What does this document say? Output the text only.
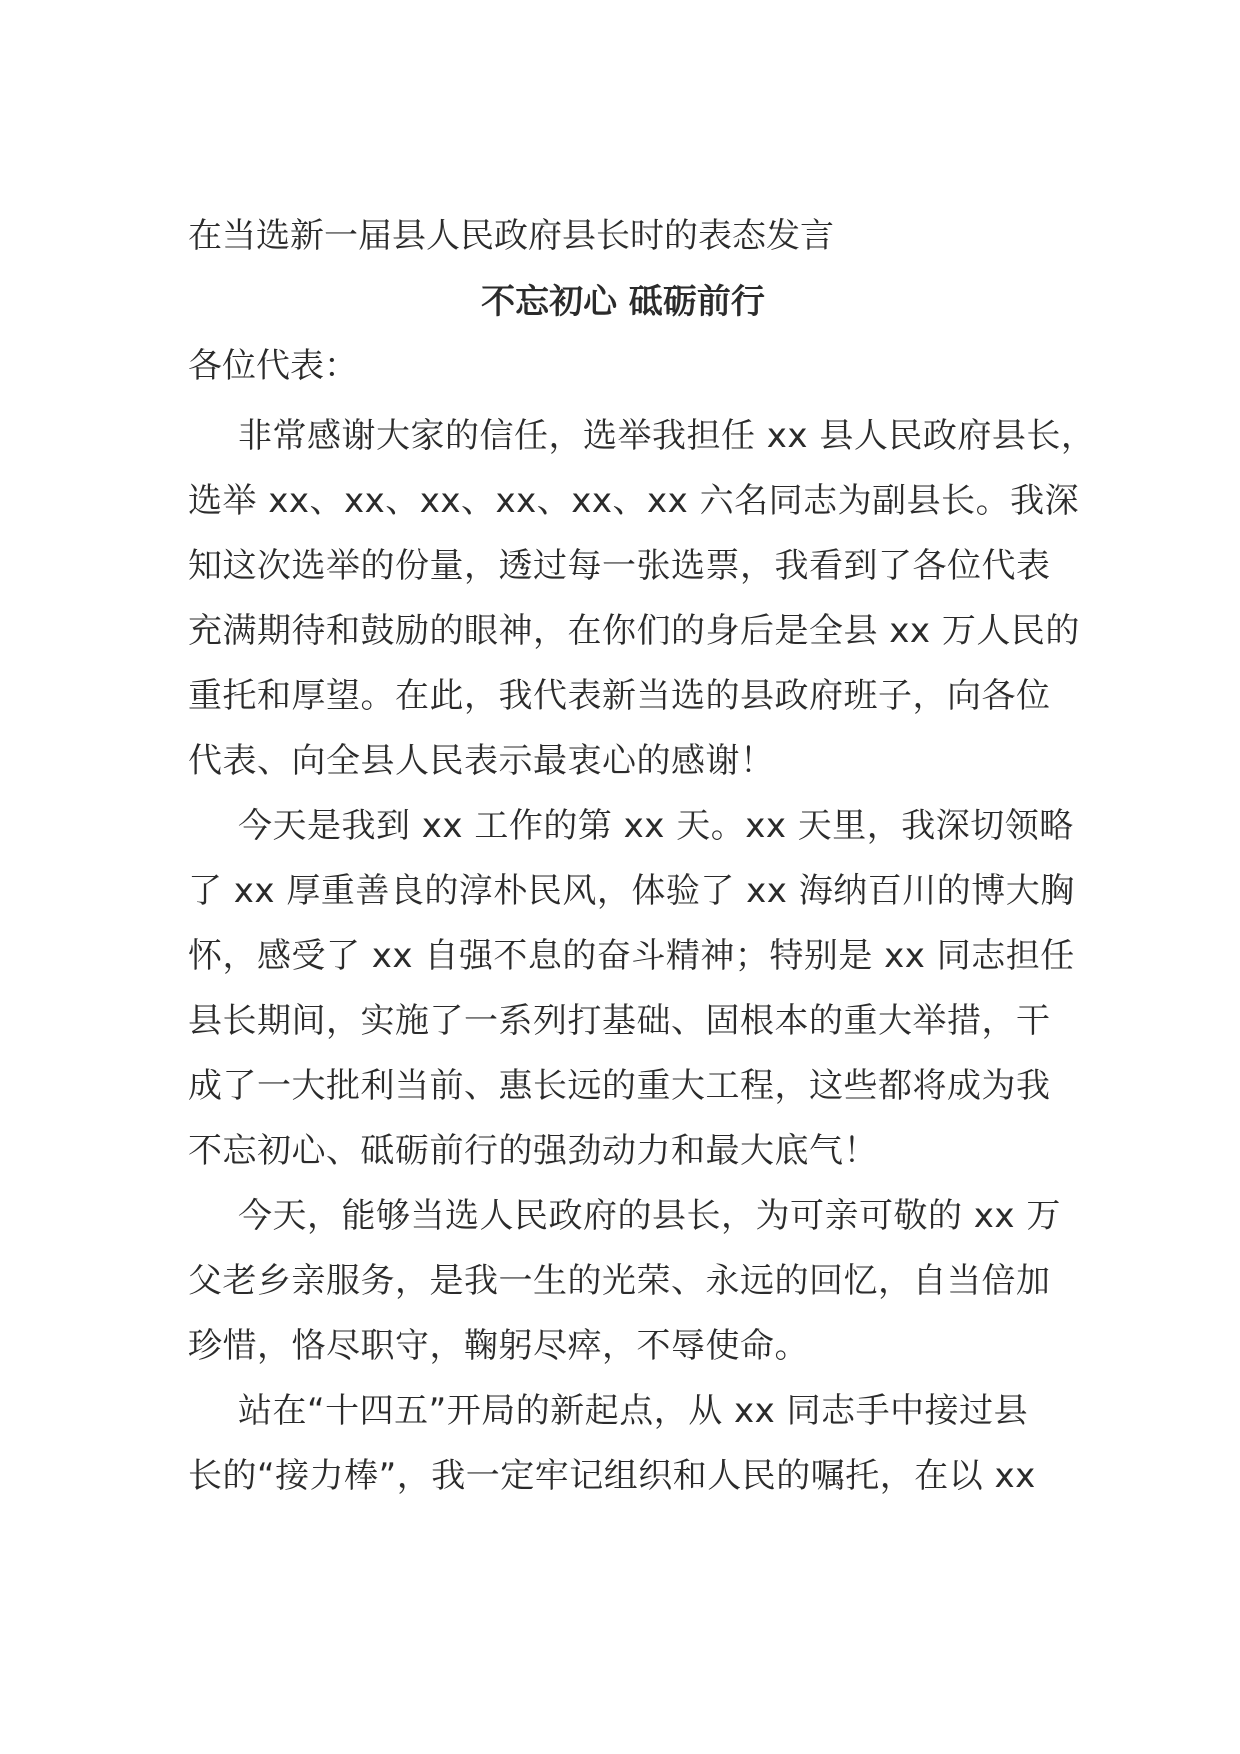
在当选新一届县人民政府县长时的表态发言

不忘初心 砥砺前行

各位代表：

非常感谢大家的信任，选举我担任 xx 县人民政府县长，
选举 xx、xx、xx、xx、xx、xx 六名同志为副县长。我深
知这次选举的份量，透过每一张选票，我看到了各位代表
充满期待和鼓励的眼神，在你们的身后是全县 xx 万人民的
重托和厚望。在此，我代表新当选的县政府班子，向各位
代表、向全县人民表示最衷心的感谢！

今天是我到 xx 工作的第 xx 天。xx 天里，我深切领略
了 xx 厚重善良的淳朴民风，体验了 xx 海纳百川的博大胸
怀，感受了 xx 自强不息的奋斗精神；特别是 xx 同志担任
县长期间，实施了一系列打基础、固根本的重大举措，干
成了一大批利当前、惠长远的重大工程，这些都将成为我
不忘初心、砥砺前行的强劲动力和最大底气！

今天，能够当选人民政府的县长，为可亲可敬的 xx 万
父老乡亲服务，是我一生的光荣、永远的回忆，自当倍加
珍惜，恪尽职守，鞠躬尽瘁，不辱使命。

站在“十四五”开局的新起点，从 xx 同志手中接过县
长的“接力棒”，我一定牢记组织和人民的嘱托，在以 xx
